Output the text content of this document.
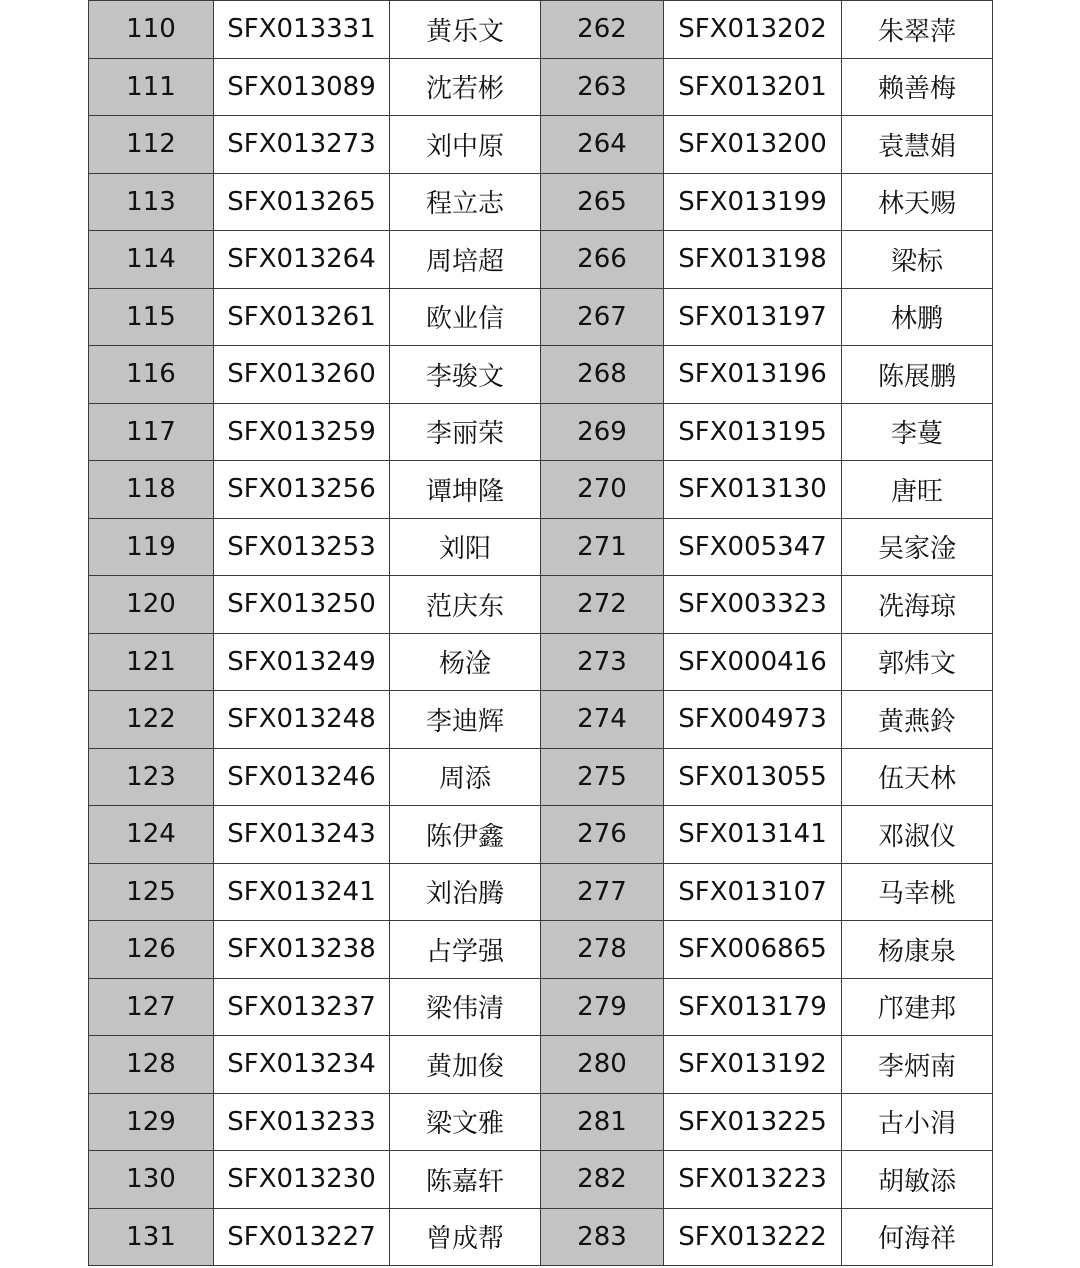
110	SFX013331	黄乐文	262	SFX013202	朱翠萍
111	SFX013089	沈若彬	263	SFX013201	赖善梅
112	SFX013273	刘中原	264	SFX013200	袁慧娟
113	SFX013265	程立志	265	SFX013199	林天赐
114	SFX013264	周培超	266	SFX013198	梁标
115	SFX013261	欧业信	267	SFX013197	林鹏
116	SFX013260	李骏文	268	SFX013196	陈展鹏
117	SFX013259	李丽荣	269	SFX013195	李蔓
118	SFX013256	谭坤隆	270	SFX013130	唐旺
119	SFX013253	刘阳	271	SFX005347	吴家淦
120	SFX013250	范庆东	272	SFX003323	冼海琼
121	SFX013249	杨淦	273	SFX000416	郭炜文
122	SFX013248	李迪辉	274	SFX004973	黄燕鈴
123	SFX013246	周添	275	SFX013055	伍天林
124	SFX013243	陈伊鑫	276	SFX013141	邓淑仪
125	SFX013241	刘治腾	277	SFX013107	马幸桃
126	SFX013238	占学强	278	SFX006865	杨康泉
127	SFX013237	梁伟清	279	SFX013179	邝建邦
128	SFX013234	黄加俊	280	SFX013192	李炳南
129	SFX013233	梁文雅	281	SFX013225	古小涓
130	SFX013230	陈嘉轩	282	SFX013223	胡敏添
131	SFX013227	曾成帮	283	SFX013222	何海祥
